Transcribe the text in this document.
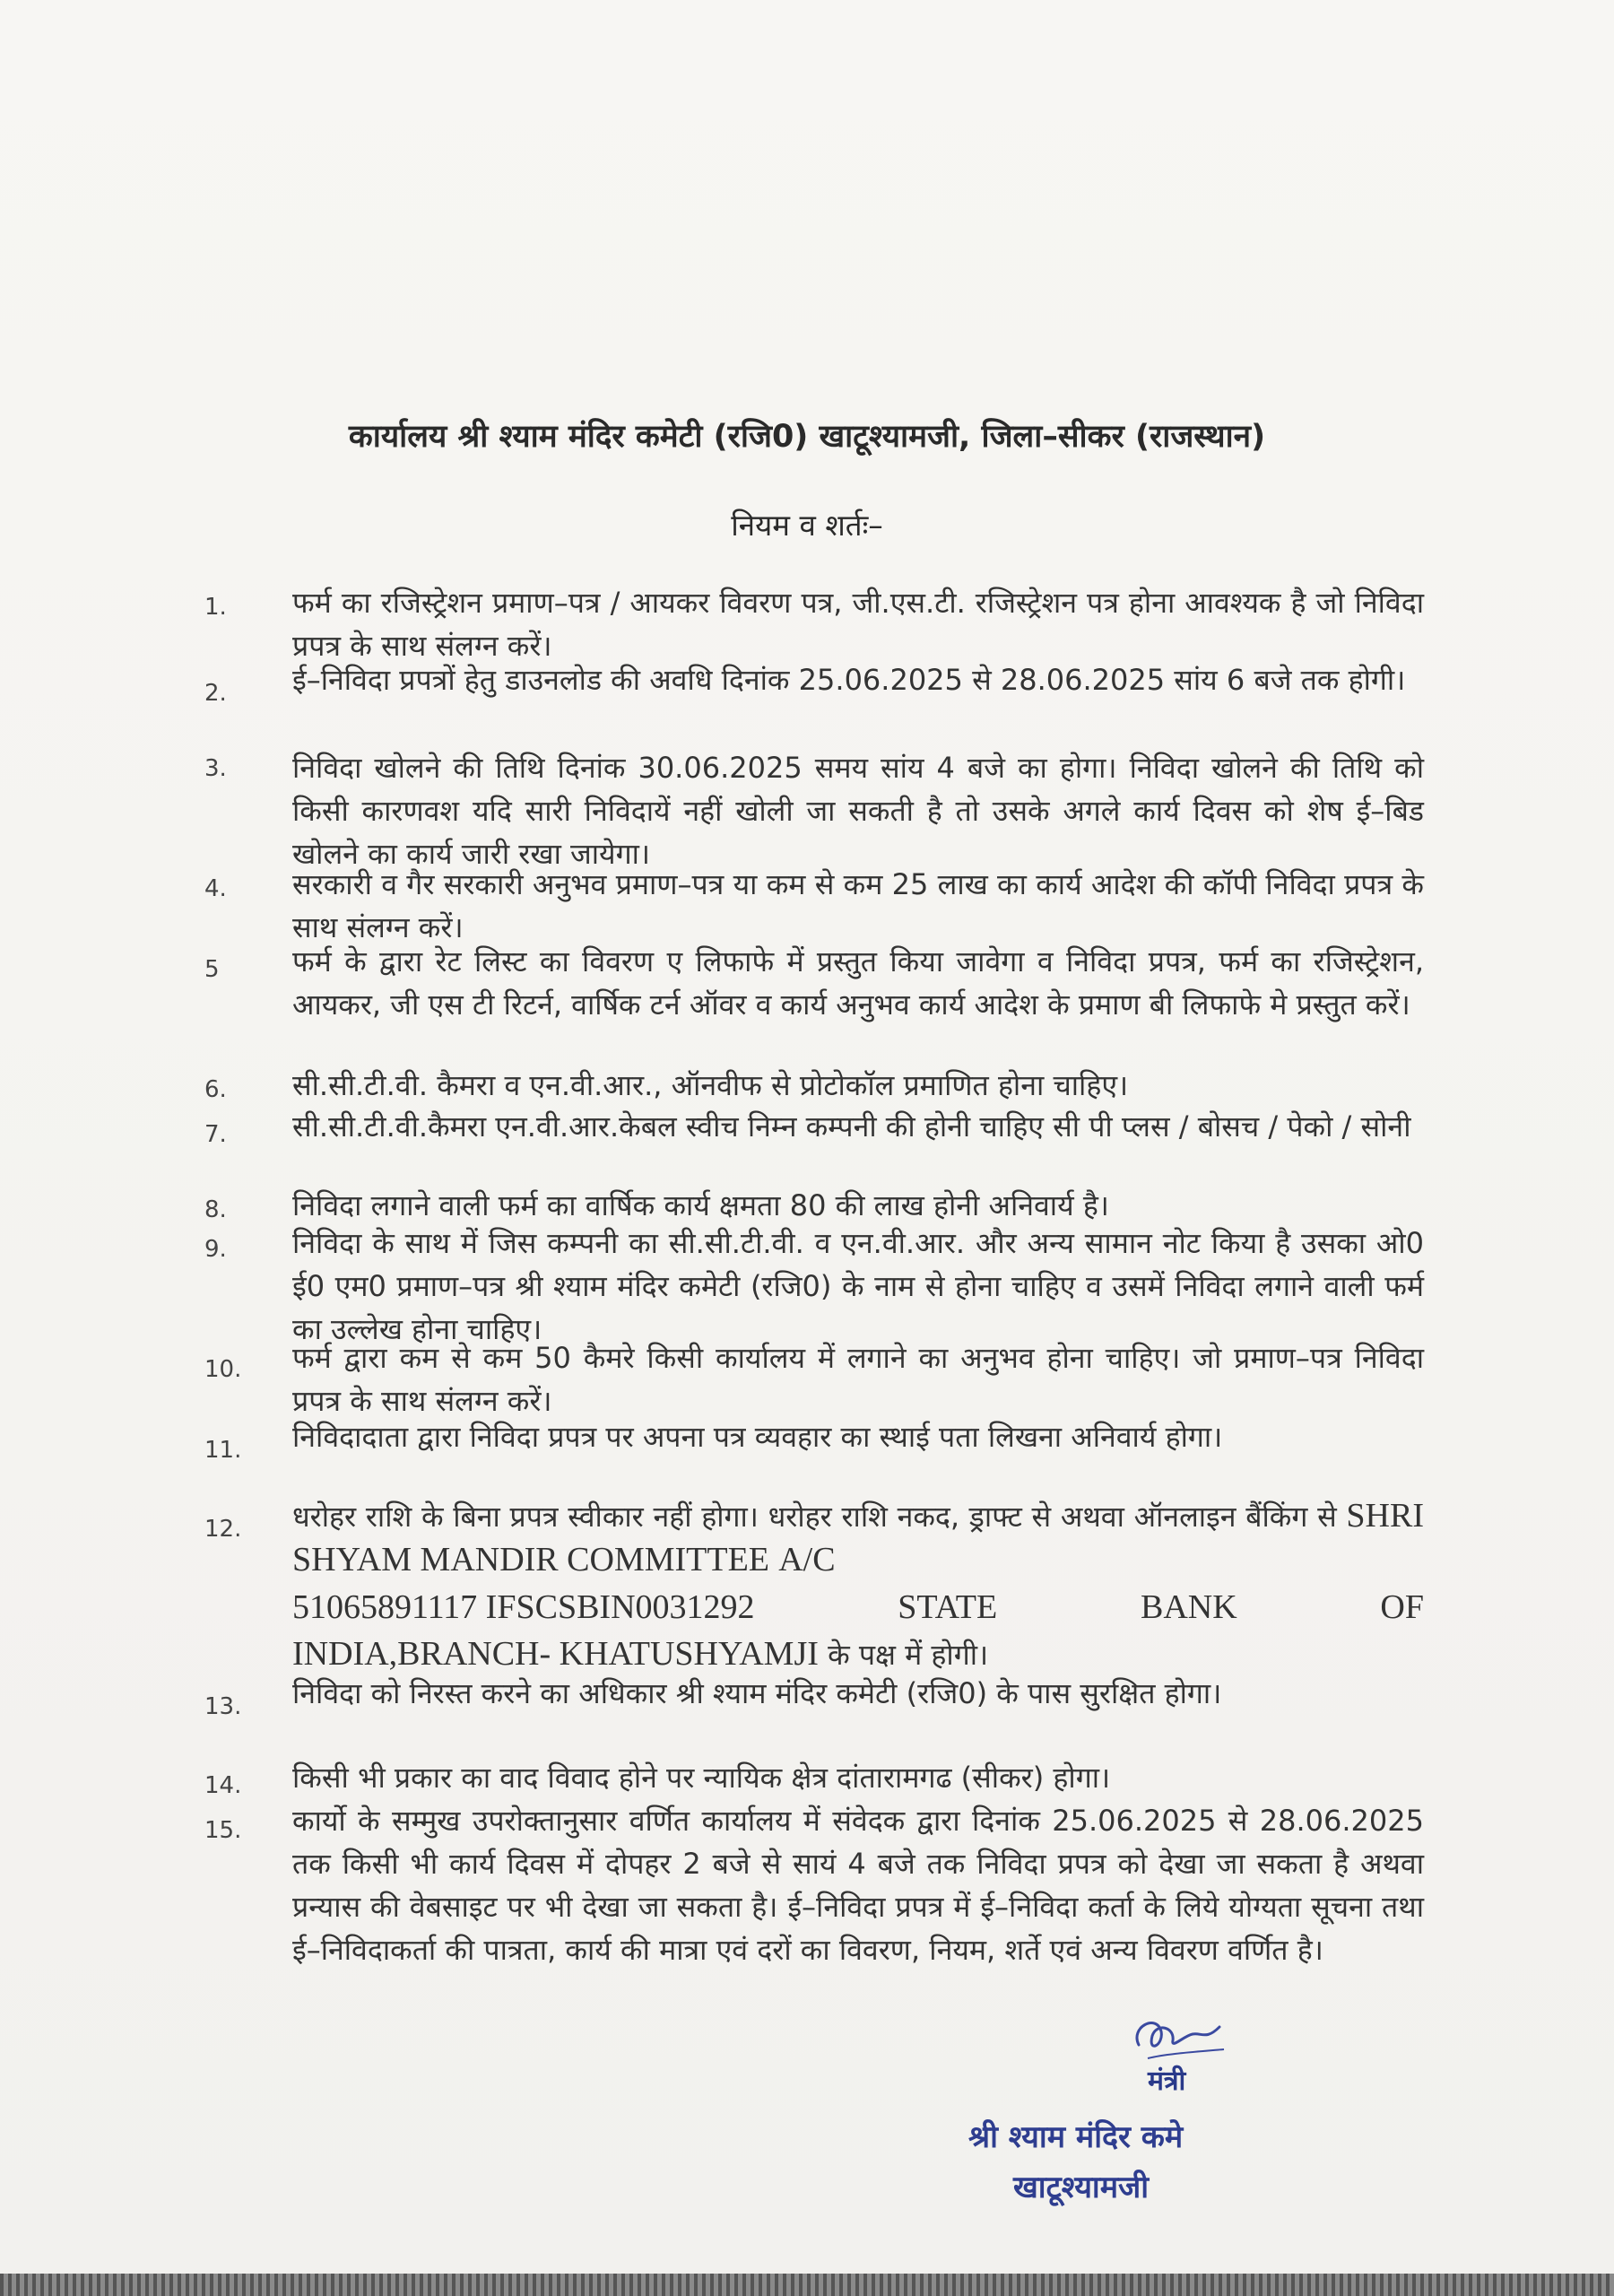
कार्यालय श्री श्याम मंदिर कमेटी (रजि0) खाटूश्यामजी, जिला–सीकर (राजस्थान)
नियम व शर्तः–
1.	फर्म का रजिस्ट्रेशन प्रमाण–पत्र / आयकर विवरण पत्र, जी.एस.टी. रजिस्ट्रेशन पत्र होना आवश्यक है जो निविदा प्रपत्र के साथ संलग्न करें।
2.	ई–निविदा प्रपत्रों हेतु डाउनलोड की अवधि दिनांक 25.06.2025 से 28.06.2025 सांय 6 बजे तक होगी।
3.	निविदा खोलने की तिथि दिनांक 30.06.2025 समय सांय 4 बजे का होगा। निविदा खोलने की तिथि को किसी कारणवश यदि सारी निविदायें नहीं खोली जा सकती है तो उसके अगले कार्य दिवस को शेष ई–बिड खोलने का कार्य जारी रखा जायेगा।
4.	सरकारी व गैर सरकारी अनुभव प्रमाण–पत्र या कम से कम 25 लाख का कार्य आदेश की कॉपी निविदा प्रपत्र के साथ संलग्न करें।
5	फर्म के द्वारा रेट लिस्ट का विवरण ए लिफाफे में प्रस्तुत किया जावेगा व निविदा प्रपत्र, फर्म का रजिस्ट्रेशन, आयकर, जी एस टी रिटर्न, वार्षिक टर्न ऑवर व कार्य अनुभव कार्य आदेश के प्रमाण बी लिफाफे मे प्रस्तुत करें।
6.	सी.सी.टी.वी. कैमरा व एन.वी.आर., ऑनवीफ से प्रोटोकॉल प्रमाणित होना चाहिए।
7.	सी.सी.टी.वी.कैमरा एन.वी.आर.केबल स्वीच निम्न कम्पनी की होनी चाहिए सी पी प्लस / बोसच / पेको / सोनी
8.	निविदा लगाने वाली फर्म का वार्षिक कार्य क्षमता 80 की लाख होनी अनिवार्य है।
9.	निविदा के साथ में जिस कम्पनी का सी.सी.टी.वी. व एन.वी.आर. और अन्य सामान नोट किया है उसका ओ0 ई0 एम0 प्रमाण–पत्र श्री श्याम मंदिर कमेटी (रजि0) के नाम से होना चाहिए व उसमें निविदा लगाने वाली फर्म का उल्लेख होना चाहिए।
10.	फर्म द्वारा कम से कम 50 कैमरे किसी कार्यालय में लगाने का अनुभव होना चाहिए। जो प्रमाण–पत्र निविदा प्रपत्र के साथ संलग्न करें।
11.	निविदादाता द्वारा निविदा प्रपत्र पर अपना पत्र व्यवहार का स्थाई पता लिखना अनिवार्य होगा।
12.	धरोहर राशि के बिना प्रपत्र स्वीकार नहीं होगा। धरोहर राशि नकद, ड्राफ्ट से अथवा ऑनलाइन बैंकिंग से SHRI SHYAM MANDIR COMMITTEE A/C
51065891117 IFSCSBIN0031292	STATE	BANK	OF
INDIA,BRANCH- KHATUSHYAMJI के पक्ष में होगी।
13.	निविदा को निरस्त करने का अधिकार श्री श्याम मंदिर कमेटी (रजि0) के पास सुरक्षित होगा।
14.	किसी भी प्रकार का वाद विवाद होने पर न्यायिक क्षेत्र दांतारामगढ (सीकर) होगा।
15.	कार्यो के सम्मुख उपरोक्तानुसार वर्णित कार्यालय में संवेदक द्वारा दिनांक 25.06.2025 से 28.06.2025 तक किसी भी कार्य दिवस में दोपहर 2 बजे से सायं 4 बजे तक निविदा प्रपत्र को देखा जा सकता है अथवा प्रन्यास की वेबसाइट पर भी देखा जा सकता है। ई–निविदा प्रपत्र में ई–निविदा कर्ता के लिये योग्यता सूचना तथा ई–निविदाकर्ता की पात्रता, कार्य की मात्रा एवं दरों का विवरण, नियम, शर्ते एवं अन्य विवरण वर्णित है।
मंत्री
श्री श्याम मंदिर कमे
खाटूश्यामजी
